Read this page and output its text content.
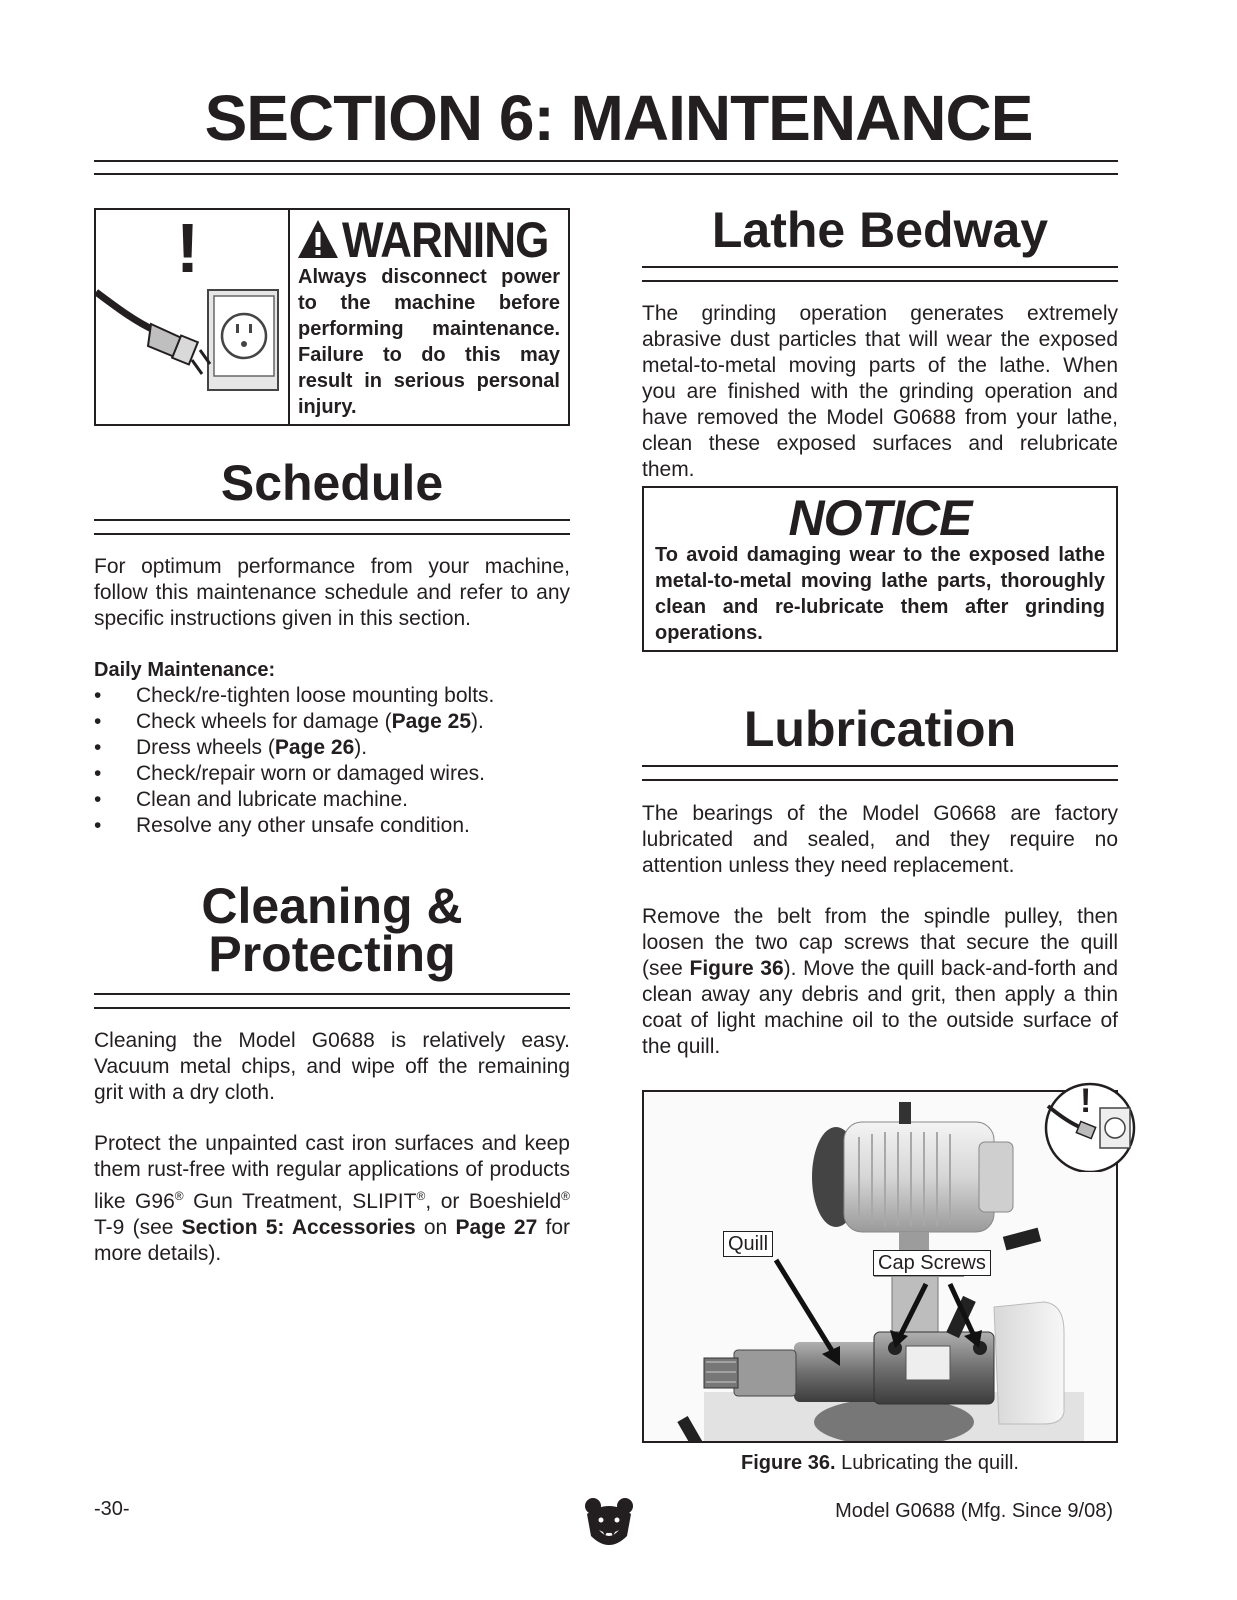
SECTION 6: MAINTENANCE
!	WARNING
Always disconnect power to the machine before performing maintenance. Failure to do this may result in serious personal injury.
Schedule
For optimum performance from your machine, follow this maintenance schedule and refer to any specific instructions given in this section.
Daily Maintenance:
• Check/re-tighten loose mounting bolts.
• Check wheels for damage (Page 25).
• Dress wheels (Page 26).
• Check/repair worn or damaged wires.
• Clean and lubricate machine.
• Resolve any other unsafe condition.
Cleaning &
Protecting
Cleaning the Model G0688 is relatively easy. Vacuum metal chips, and wipe off the remaining grit with a dry cloth.
Protect the unpainted cast iron surfaces and keep them rust-free with regular applications of products like G96® Gun Treatment, SLIPIT®, or Boeshield® T-9 (see Section 5: Accessories on Page 27 for more details).
Lathe Bedway
The grinding operation generates extremely abrasive dust particles that will wear the exposed metal-to-metal moving parts of the lathe. When you are finished with the grinding operation and have removed the Model G0688 from your lathe, clean these exposed surfaces and relubricate them.
NOTICE
To avoid damaging wear to the exposed lathe metal-to-metal moving lathe parts, thoroughly clean and re-lubricate them after grinding operations.
Lubrication
The bearings of the Model G0668 are factory lubricated and sealed, and they require no attention unless they need replacement.
Remove the belt from the spindle pulley, then loosen the two cap screws that secure the quill (see Figure 36). Move the quill back-and-forth and clean away any debris and grit, then apply a thin coat of light machine oil to the outside surface of the quill.
!
Quill
Cap Screws
Figure 36. Lubricating the quill.
-30-	Model G0688 (Mfg. Since 9/08)
